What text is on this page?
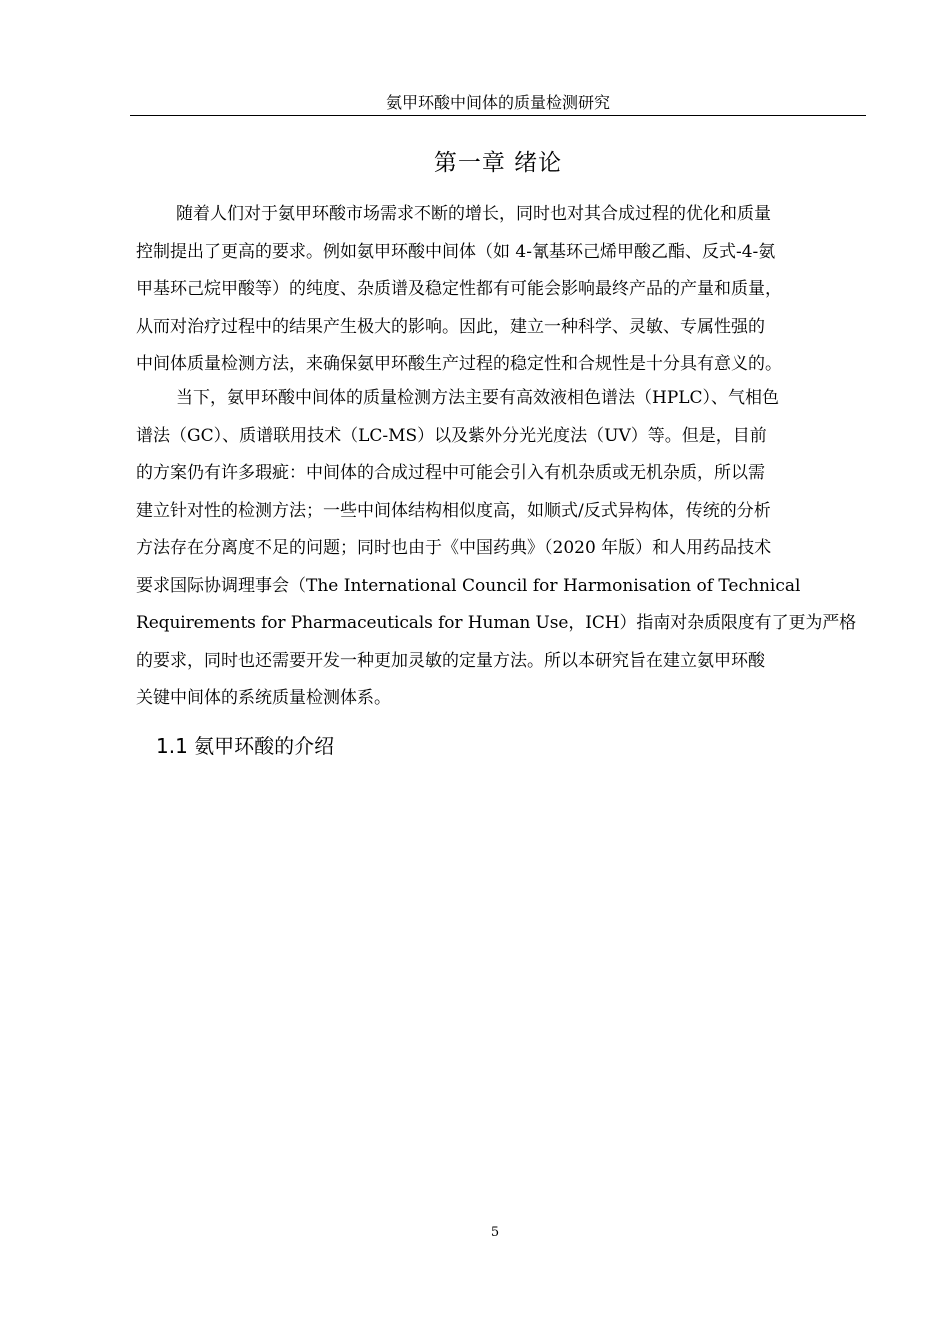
氨甲环酸中间体的质量检测研究
第一章 绪论
随着人们对于氨甲环酸市场需求不断的增长，同时也对其合成过程的优化和质量
控制提出了更高的要求。例如氨甲环酸中间体（如 4-氰基环己烯甲酸乙酯、反式-4-氨
甲基环己烷甲酸等）的纯度、杂质谱及稳定性都有可能会影响最终产品的产量和质量，
从而对治疗过程中的结果产生极大的影响。因此，建立一种科学、灵敏、专属性强的
中间体质量检测方法，来确保氨甲环酸生产过程的稳定性和合规性是十分具有意义的。
当下，氨甲环酸中间体的质量检测方法主要有高效液相色谱法（HPLC）、气相色
谱法（GC）、质谱联用技术（LC-MS）以及紫外分光光度法（UV）等。但是，目前
的方案仍有许多瑕疵：中间体的合成过程中可能会引入有机杂质或无机杂质，所以需
建立针对性的检测方法；一些中间体结构相似度高，如顺式/反式异构体，传统的分析
方法存在分离度不足的问题；同时也由于《中国药典》（2020 年版）和人用药品技术
要求国际协调理事会（The International Council for Harmonisation of Technical
Requirements for Pharmaceuticals for Human Use，ICH）指南对杂质限度有了更为严格
的要求，同时也还需要开发一种更加灵敏的定量方法。所以本研究旨在建立氨甲环酸
关键中间体的系统质量检测体系。
1.1 氨甲环酸的介绍
5
